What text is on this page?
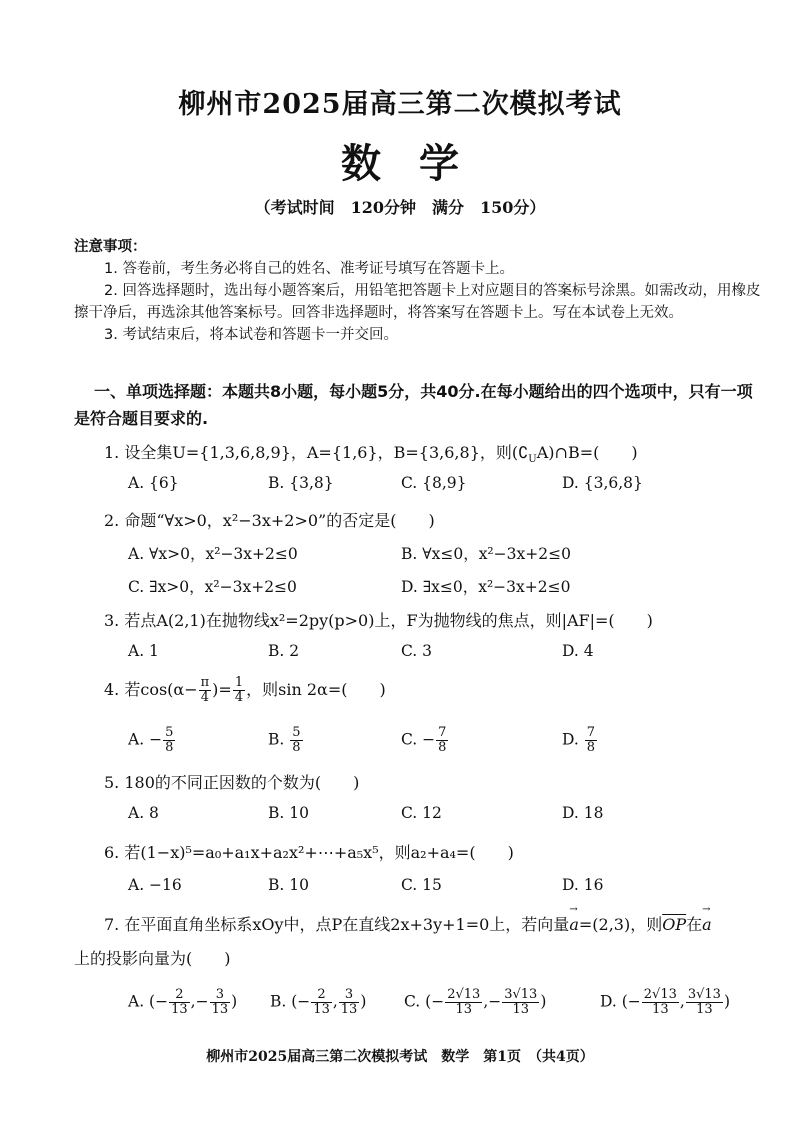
柳州市2025届高三第二次模拟考试
数学
（考试时间　120分钟　满分　150分）

注意事项：

1. 答卷前，考生务必将自己的姓名、准考证号填写在答题卡上。

2. 回答选择题时，选出每小题答案后，用铅笔把答题卡上对应题目的答案标号涂黑。如需改动，用橡皮擦干净后，再选涂其他答案标号。回答非选择题时，将答案写在答题卡上。写在本试卷上无效。

3. 考试结束后，将本试卷和答题卡一并交回。

一、单项选择题：本题共8小题，每小题5分，共40分.在每小题给出的四个选项中，只有一项是符合题目要求的.
1. 设全集U={1,3,6,8,9}，A={1,6}，B={3,6,8}，则$(∁_UA)\cap B=$(　　)
A. {6}	B. {3,8}	C. {8,9}	D. {3,6,8}
2. 命题“∀x>0，x²−3x+2>0”的否定是(　　)
A. ∀x>0，x²−3x+2≤0	B. ∀x≤0，x²−3x+2≤0
C. ∃x>0，x²−3x+2≤0	D. ∃x≤0，x²−3x+2≤0
3. 若点A(2,1)在抛物线x²=2py(p>0)上，F为抛物线的焦点，则|AF|=(　　)
A. 1	B. 2	C. 3	D. 4
4. 若$\cos(\alpha- \frac{\pi}{4}$ )= $\frac{1}{4}$ ，则sin 2α=(　　)
A. − $\frac{5}{8}$	B. $\frac{5}{8}$	C. − $\frac{7}{8}$	D. $\frac{7}{8}$
5. 180的不同正因数的个数为(　　)
A. 8	B. 10	C. 12	D. 18
6. 若(1−x)⁵=a₀+a₁x+a₂x²+⋯+a₅x⁵，则a₂+a₄=(　　)
A. −16	B. 10	C. 15	D. 16
7. 在平面直角坐标系xOy中，点P在直线2x+3y+1=0上，若向量→ a=(2,3)，则$\overline{OP}$在→ a
上的投影向量为(　　)
A. (− $\frac{2}{13}$ ,− $\frac{3}{13}$ ) B. (− $\frac{2}{13}$ , $\frac{3}{13}$ ) C. (− $\frac{2√13}{13}$ ,− $\frac{3√13}{13}$ )	D. (− $\frac{2√13}{13}$ , $\frac{3√13}{13}$ )
柳州市2025届高三第二次模拟考试　数学　第1页　（共4页）
